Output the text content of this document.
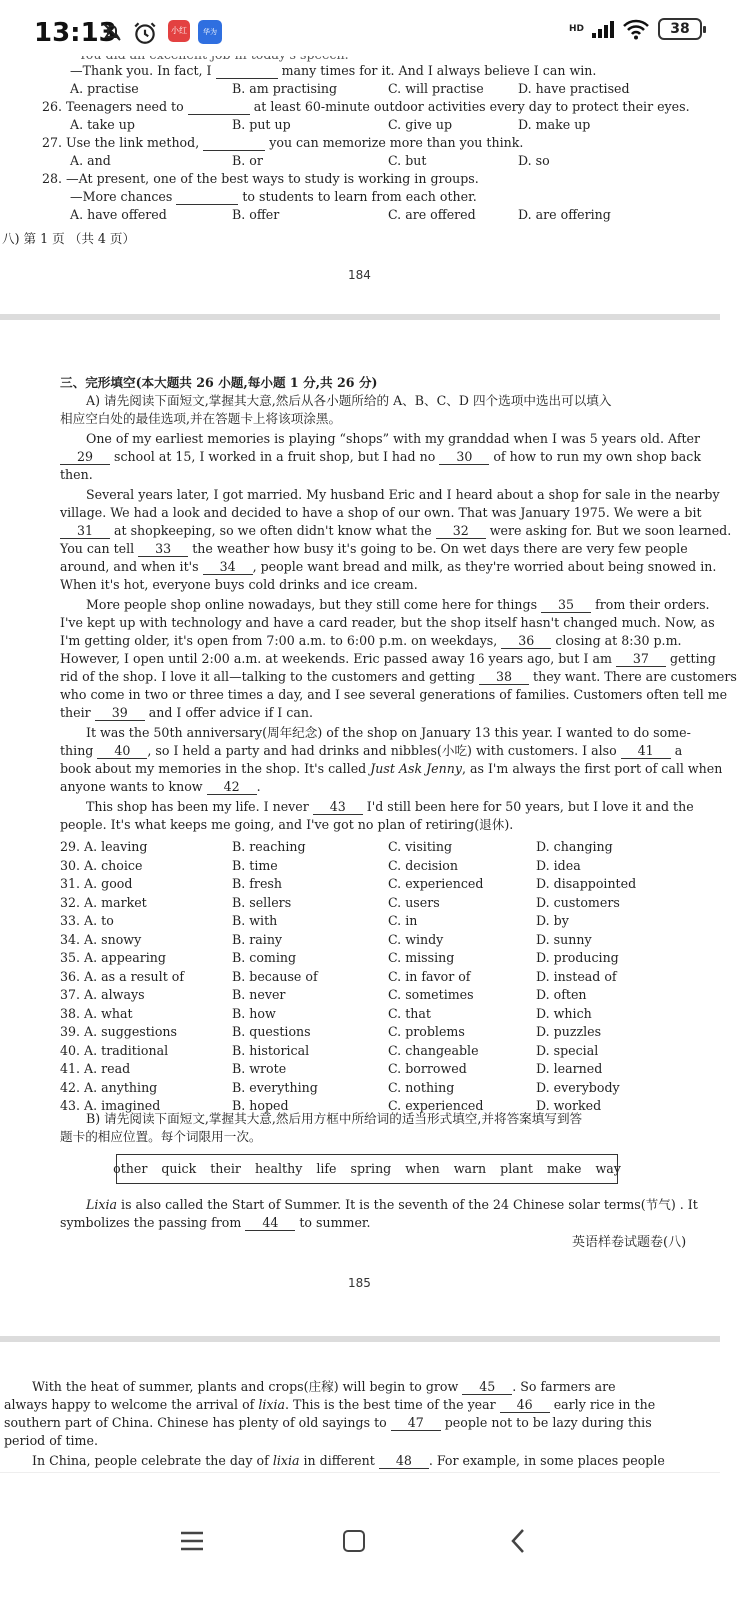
13:13	小红书
华为	HD	38
—Thank you. In fact, I	many times for it. And I always believe I can win.
A. practise	B. am practising	C. will practise	D. have practised
26. Teenagers need to	at least 60-minute outdoor activities every day to protect their eyes.
A. take up	B. put up	C. give up	D. make up
27. Use the link method,	you can memorize more than you think.
A. and	B. or	C. but	D. so
28. —At present, one of the best ways to study is working in groups.
—More chances	to students to learn from each other.
A. have offered	B. offer	C. are offered	D. are offering
八) 第 1 页 （共 4 页）
184
三、完形填空(本大题共 26 小题,每小题 1 分,共 26 分)
A) 请先阅读下面短文,掌握其大意,然后从各小题所给的 A、B、C、D 四个选项中选出可以填入
相应空白处的最佳选项,并在答题卡上将该项涂黑。
One of my earliest memories is playing “shops” with my granddad when I was 5 years old. After
29 school at 15, I worked in a fruit shop, but I had no 30 of how to run my own shop back
then.
Several years later, I got married. My husband Eric and I heard about a shop for sale in the nearby
village. We had a look and decided to have a shop of our own. That was January 1975. We were a bit
31 at shopkeeping, so we often didn't know what the 32 were asking for. But we soon learned.
You can tell 33 the weather how busy it's going to be. On wet days there are very few people
around, and when it's 34 , people want bread and milk, as they're worried about being snowed in.
When it's hot, everyone buys cold drinks and ice cream.
More people shop online nowadays, but they still come here for things 35 from their orders.
I've kept up with technology and have a card reader, but the shop itself hasn't changed much. Now, as
I'm getting older, it's open from 7:00 a.m. to 6:00 p.m. on weekdays, 36 closing at 8:30 p.m.
However, I open until 2:00 a.m. at weekends. Eric passed away 16 years ago, but I am 37 getting
rid of the shop. I love it all—talking to the customers and getting 38 they want. There are customers
who come in two or three times a day, and I see several generations of families. Customers often tell me
their 39 and I offer advice if I can.
It was the 50th anniversary(周年纪念) of the shop on January 13 this year. I wanted to do some-
thing 40 , so I held a party and had drinks and nibbles(小吃) with customers. I also 41 a
book about my memories in the shop. It's called Just Ask Jenny, as I'm always the first port of call when
anyone wants to know 42 .
This shop has been my life. I never 43 I'd still been here for 50 years, but I love it and the
people. It's what keeps me going, and I've got no plan of retiring(退休).
29. A. leaving	B. reaching	C. visiting	D. changing
30. A. choice	B. time	C. decision	D. idea
31. A. good	B. fresh	C. experienced	D. disappointed
32. A. market	B. sellers	C. users	D. customers
33. A. to	B. with	C. in	D. by
34. A. snowy	B. rainy	C. windy	D. sunny
35. A. appearing	B. coming	C. missing	D. producing
36. A. as a result of	B. because of	C. in favor of	D. instead of
37. A. always	B. never	C. sometimes	D. often
38. A. what	B. how	C. that	D. which
39. A. suggestions	B. questions	C. problems	D. puzzles
40. A. traditional	B. historical	C. changeable	D. special
41. A. read	B. wrote	C. borrowed	D. learned
42. A. anything	B. everything	C. nothing	D. everybody
43. A. imagined	B. hoped	C. experienced	D. worked
B) 请先阅读下面短文,掌握其大意,然后用方框中所给词的适当形式填空,并将答案填写到答
题卡的相应位置。每个词限用一次。
other quick their healthy life spring when warn plant make way
Lixia is also called the Start of Summer. It is the seventh of the 24 Chinese solar terms(节气) . It
symbolizes the passing from 44 to summer.
英语样卷试题卷(八)
185
With the heat of summer, plants and crops(庄稼) will begin to grow 45 . So farmers are
always happy to welcome the arrival of lixia. This is the best time of the year 46 early rice in the
southern part of China. Chinese has plenty of old sayings to 47 people not to be lazy during this
period of time.
In China, people celebrate the day of lixia in different 48 . For example, in some places people
